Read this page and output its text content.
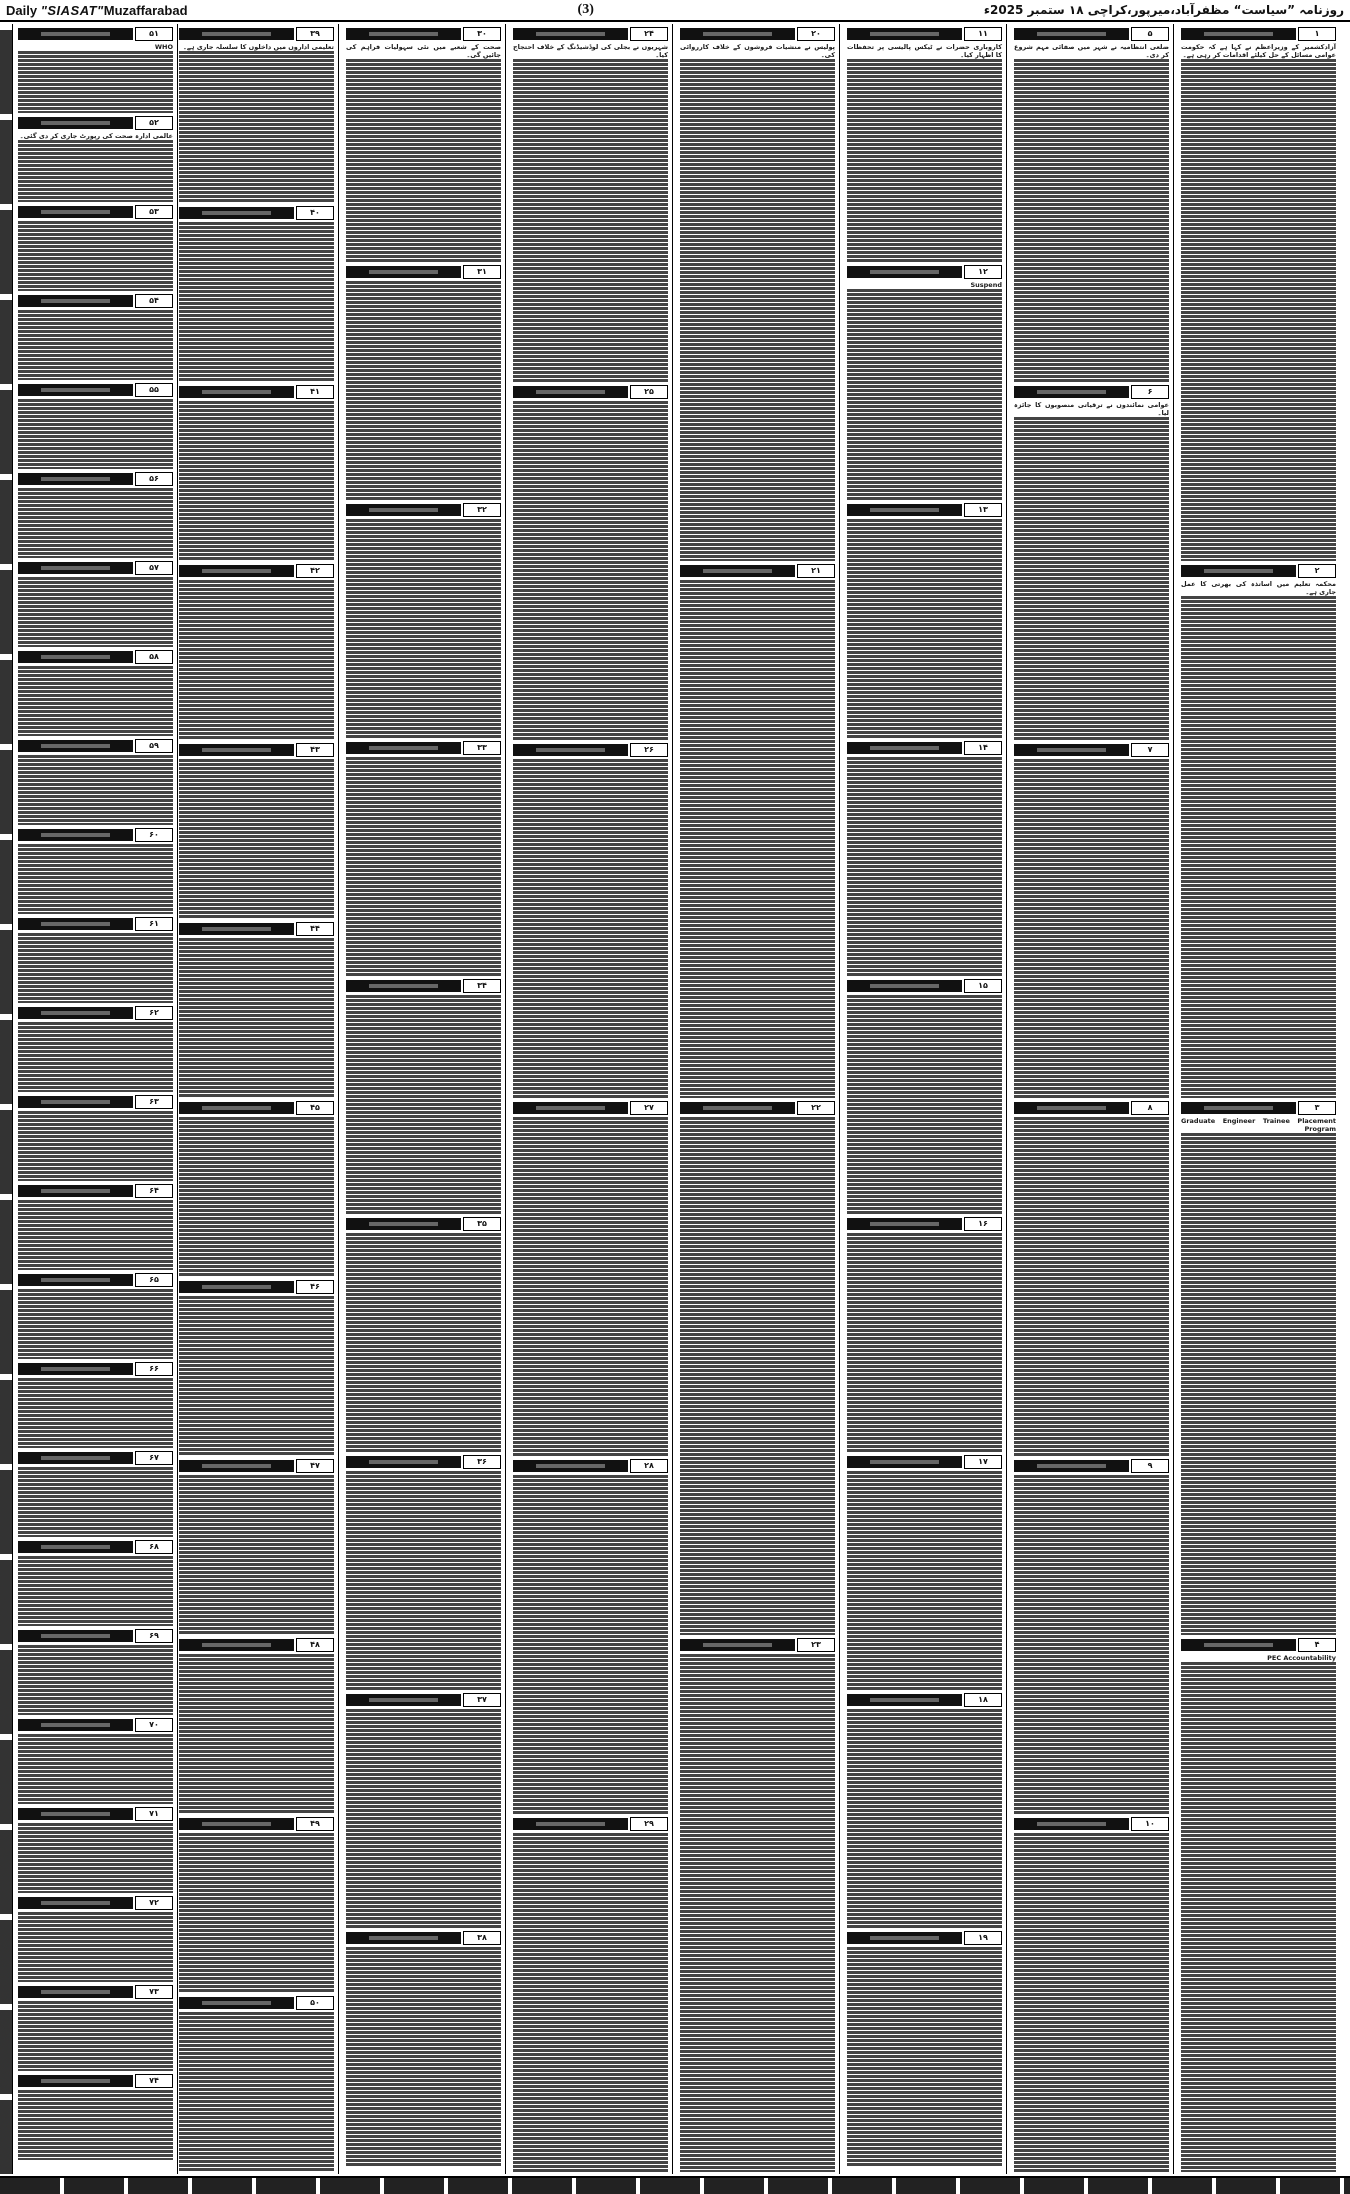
Daily "SIASAT"Muzaffarabad	(3)	روزنامہ ”سیاست“ مظفرآباد،میرپور،کراچی ۱۸ ستمبر 2025ء
۱
آزادکشمیر کے وزیراعظم نے کہا ہے کہ حکومت عوامی مسائل کے حل کیلئے اقدامات کر رہی ہے۔
۲
محکمہ تعلیم میں اساتذہ کی بھرتی کا عمل جاری ہے۔
۳
Graduate Engineer Trainee Placement Program
۴
PEC Accountability
۵
ضلعی انتظامیہ نے شہر میں صفائی مہم شروع کر دی۔
۶
عوامی نمائندوں نے ترقیاتی منصوبوں کا جائزہ لیا۔
۷
۸
۹
۱۰
۱۱
کاروباری حضرات نے ٹیکس پالیسی پر تحفظات کا اظہار کیا۔
۱۲
Suspend
۱۳
۱۴
۱۵
۱۶
۱۷
۱۸
۱۹
۲۰
پولیس نے منشیات فروشوں کے خلاف کارروائی کی۔
۲۱
۲۲
۲۳
۲۴
شہریوں نے بجلی کی لوڈشیڈنگ کے خلاف احتجاج کیا۔
۲۵
۲۶
۲۷
۲۸
۲۹
۳۰
صحت کے شعبے میں نئی سہولیات فراہم کی جائیں گی۔
۳۱
۳۲
۳۳
۳۴
۳۵
۳۶
۳۷
۳۸
۳۹
تعلیمی اداروں میں داخلوں کا سلسلہ جاری ہے۔
۴۰
۴۱
۴۲
۴۳
۴۴
۴۵
۴۶
۴۷
۴۸
۴۹
۵۰
۵۱
WHO
۵۲
عالمی ادارہ صحت کی رپورٹ جاری کر دی گئی۔
۵۳
۵۴
۵۵
۵۶
۵۷
۵۸
۵۹
۶۰
۶۱
۶۲
۶۳
۶۴
۶۵
۶۶
۶۷
۶۸
۶۹
۷۰
۷۱
۷۲
۷۳
۷۴
